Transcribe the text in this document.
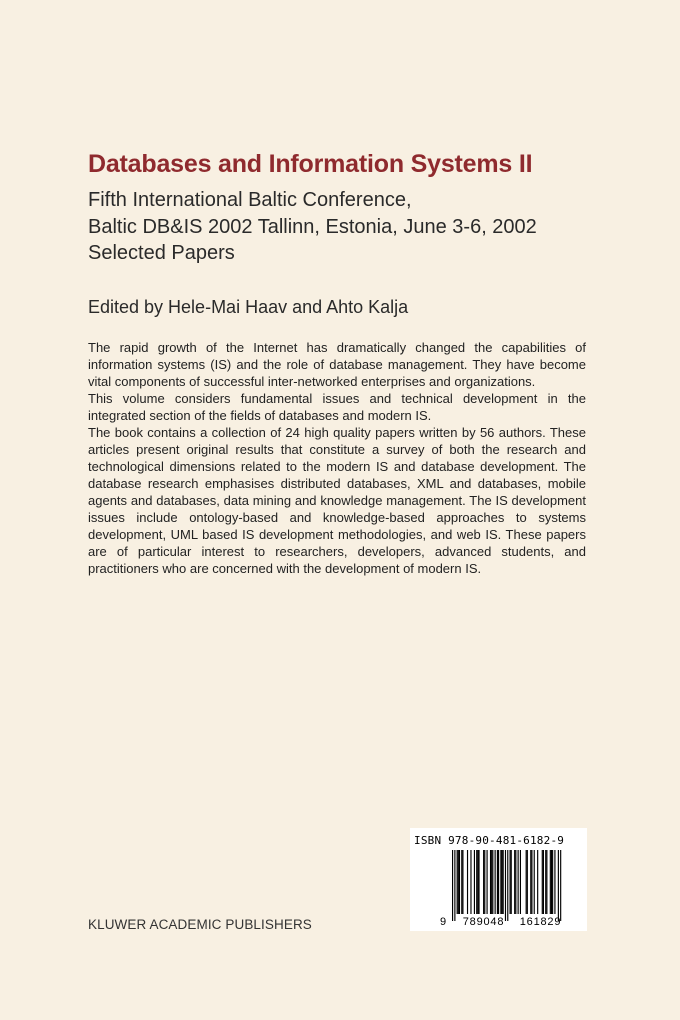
Databases and Information Systems II
Fifth International Baltic Conference,
Baltic DB&IS 2002 Tallinn, Estonia, June 3-6, 2002
Selected Papers
Edited by Hele-Mai Haav and Ahto Kalja

The rapid growth of the Internet has dramatically changed the capabilities of information systems (IS) and the role of database management. They have become vital components of successful inter-networked enterprises and organizations.

This volume considers fundamental issues and technical development in the integrated section of the fields of databases and modern IS.

The book contains a collection of 24 high quality papers written by 56 authors. These articles present original results that constitute a survey of both the research and technological dimensions related to the modern IS and database development. The database research emphasises distributed databases, XML and databases, mobile agents and databases, data mining and knowledge management. The IS development issues include ontology-based and knowledge-based approaches to systems development, UML based IS development methodologies, and web IS. These papers are of particular interest to researchers, developers, advanced students, and practitioners who are concerned with the development of modern IS.

KLUWER ACADEMIC PUBLISHERS
ISBN 978-90-481-6182-9
9	789048	161829
